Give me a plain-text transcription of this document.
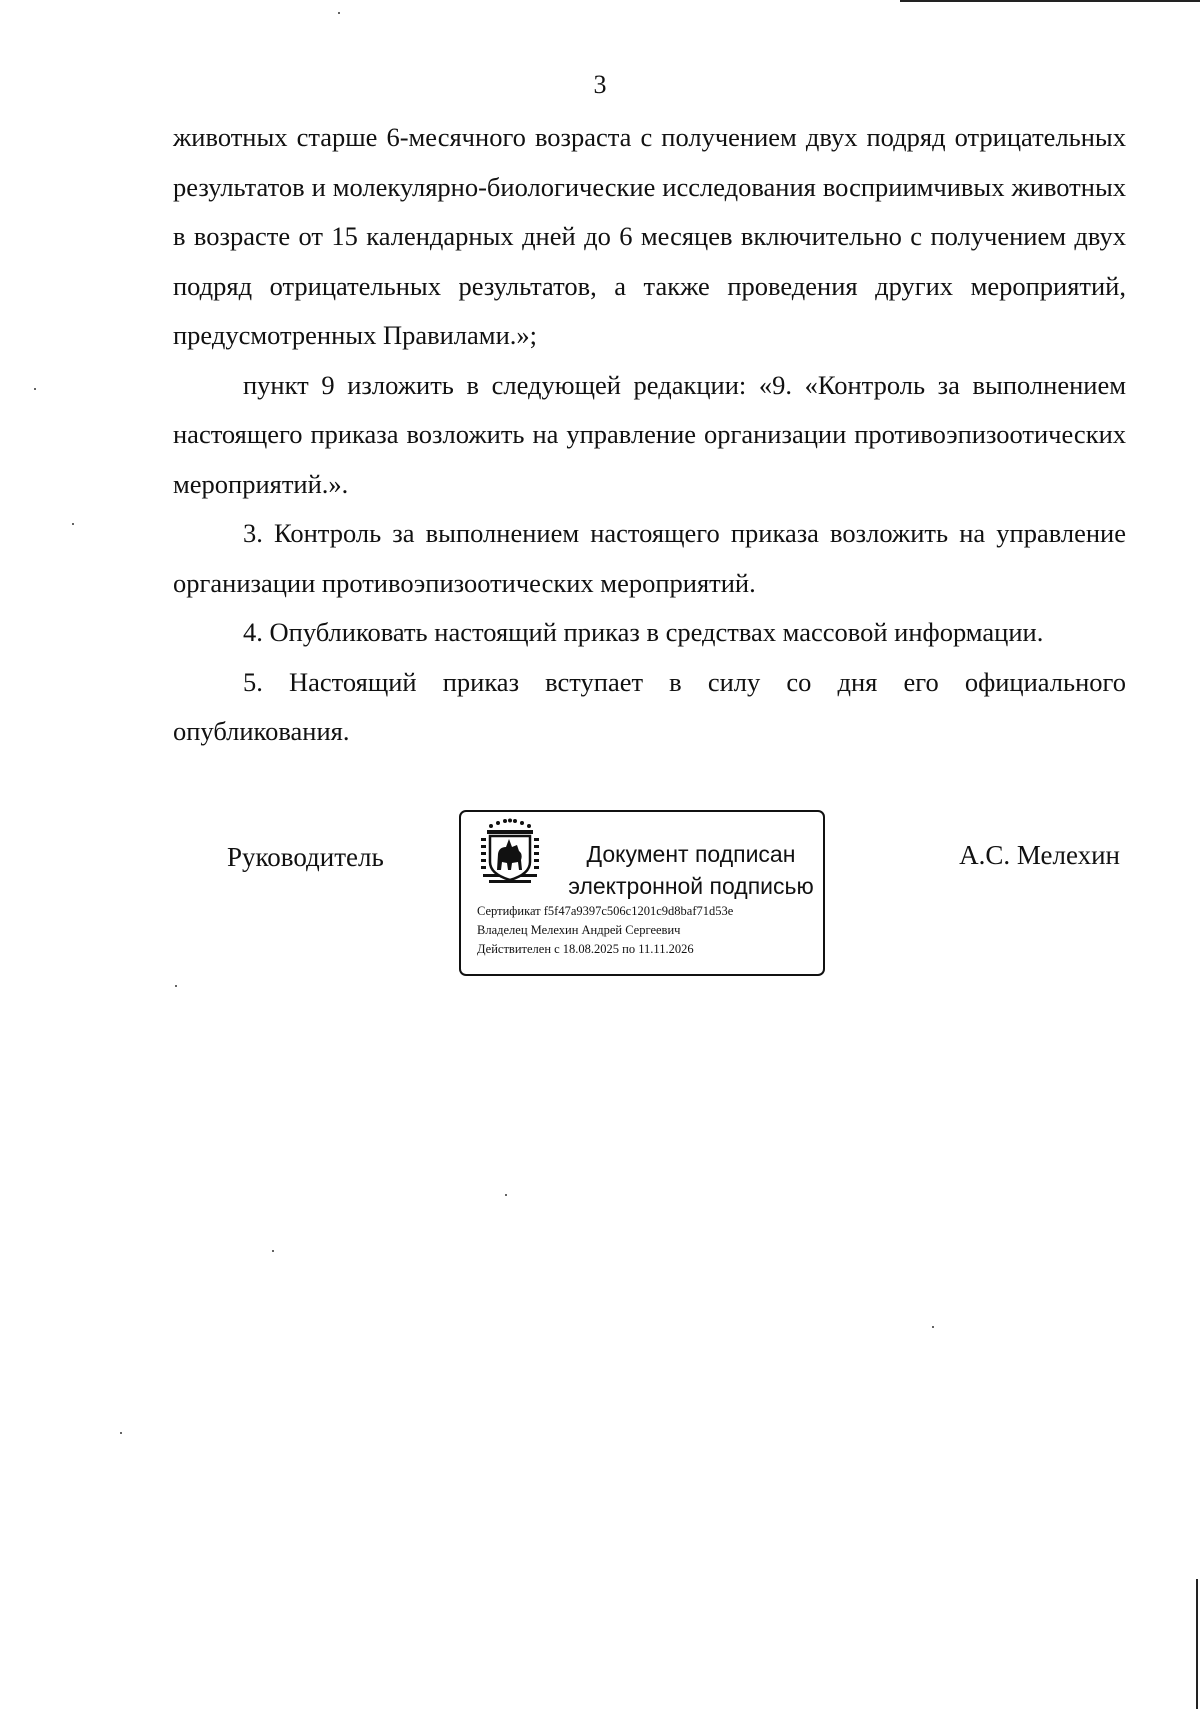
3

животных старше 6-месячного возраста с получением двух подряд отрицательных результатов и молекулярно-биологические исследования восприимчивых животных в возрасте от 15 календарных дней до 6 месяцев включительно с получением двух подряд отрицательных результатов, а также проведения других мероприятий, предусмотренных Правилами.»;

пункт 9 изложить в следующей редакции: «9. «Контроль за выполнением настоящего приказа возложить на управление организации противоэпизоотических мероприятий.».

3. Контроль за выполнением настоящего приказа возложить на управление организации противоэпизоотических мероприятий.

4. Опубликовать настоящий приказ в средствах массовой информации.

5. Настоящий приказ вступает в силу со дня его официального опубликования.

Руководитель	Документ подписан
электронной подписью
Сертификат f5f47a9397c506c1201c9d8baf71d53e
Владелец Мелехин Андрей Сергеевич
Действителен с 18.08.2025 по 11.11.2026
А.С. Мелехин
